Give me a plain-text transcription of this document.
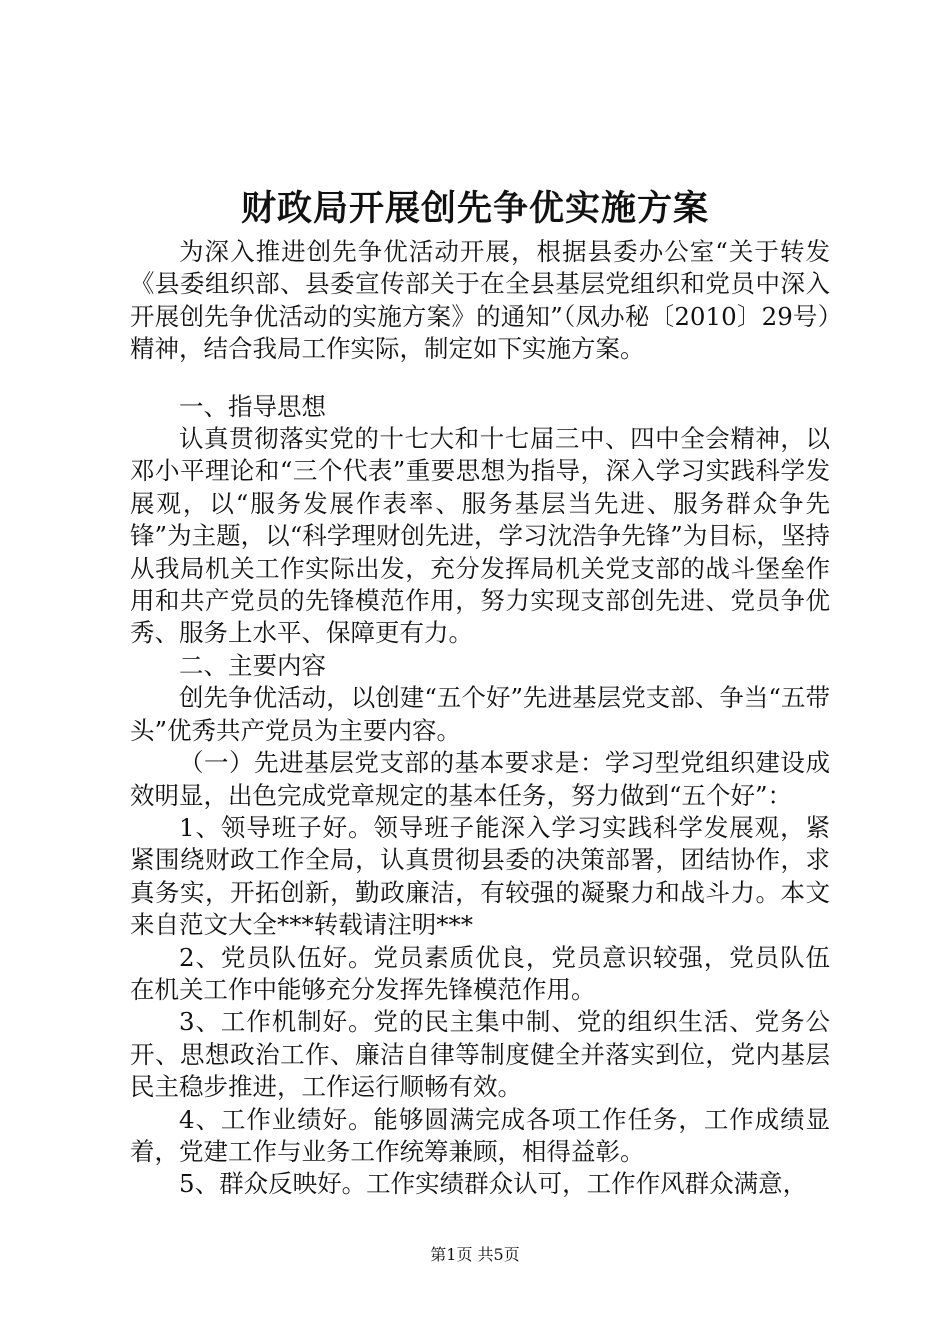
财政局开展创先争优实施方案

为深入推进创先争优活动开展，根据县委办公室“关于转发《县委组织部、县委宣传部关于在全县基层党组织和党员中深入开展创先争优活动的实施方案》的通知”（凤办秘〔2010〕29号）精神，结合我局工作实际，制定如下实施方案。

一、指导思想

认真贯彻落实党的十七大和十七届三中、四中全会精神，以邓小平理论和“三个代表”重要思想为指导，深入学习实践科学发展观，以“服务发展作表率、服务基层当先进、服务群众争先锋”为主题，以“科学理财创先进，学习沈浩争先锋”为目标，坚持从我局机关工作实际出发，充分发挥局机关党支部的战斗堡垒作用和共产党员的先锋模范作用，努力实现支部创先进、党员争优秀、服务上水平、保障更有力。

二、主要内容

创先争优活动，以创建“五个好”先进基层党支部、争当“五带头”优秀共产党员为主要内容。

（一）先进基层党支部的基本要求是：学习型党组织建设成效明显，出色完成党章规定的基本任务，努力做到“五个好”：

1、领导班子好。领导班子能深入学习实践科学发展观，紧紧围绕财政工作全局，认真贯彻县委的决策部署，团结协作，求真务实，开拓创新，勤政廉洁，有较强的凝聚力和战斗力。本文来自范文大全***转载请注明***

2、党员队伍好。党员素质优良，党员意识较强，党员队伍在机关工作中能够充分发挥先锋模范作用。

3、工作机制好。党的民主集中制、党的组织生活、党务公开、思想政治工作、廉洁自律等制度健全并落实到位，党内基层民主稳步推进，工作运行顺畅有效。

4、工作业绩好。能够圆满完成各项工作任务，工作成绩显着，党建工作与业务工作统筹兼顾，相得益彰。

5、群众反映好。工作实绩群众认可，工作作风群众满意，

第1页 共5页
